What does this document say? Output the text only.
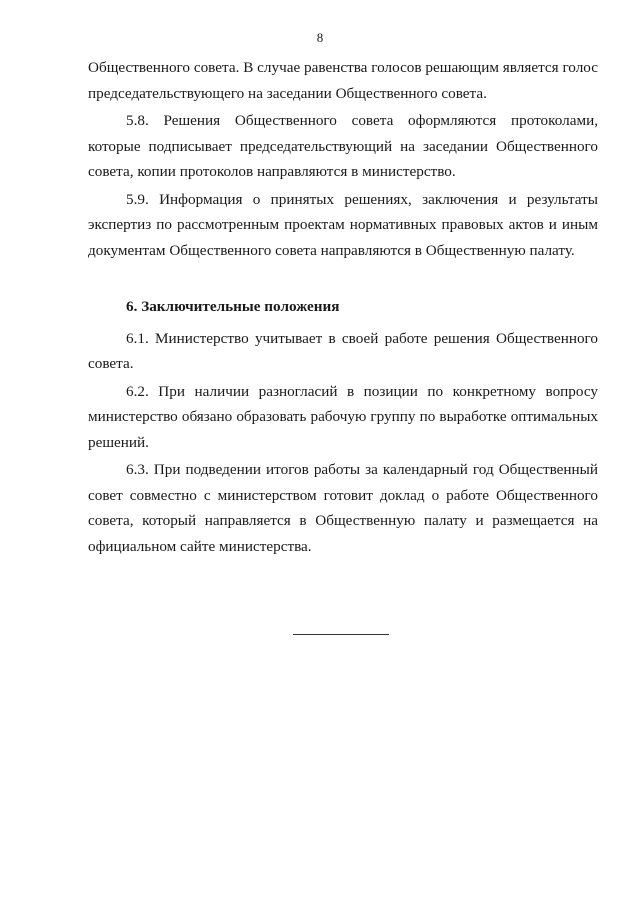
8

Общественного совета. В случае равенства голосов решающим является голос председательствующего на заседании Общественного совета.

5.8. Решения Общественного совета оформляются протоколами, которые подписывает председательствующий на заседании Общественного совета, копии протоколов направляются в министерство.

5.9. Информация о принятых решениях, заключения и результаты экспертиз по рассмотренным проектам нормативных правовых актов и иным документам Общественного совета направляются в Общественную палату.

6. Заключительные положения

6.1. Министерство учитывает в своей работе решения Общественного совета.

6.2. При наличии разногласий в позиции по конкретному вопросу министерство обязано образовать рабочую группу по выработке оптимальных решений.

6.3. При подведении итогов работы за календарный год Общественный совет совместно с министерством готовит доклад о работе Общественного совета, который направляется в Общественную палату и размещается на официальном сайте министерства.
